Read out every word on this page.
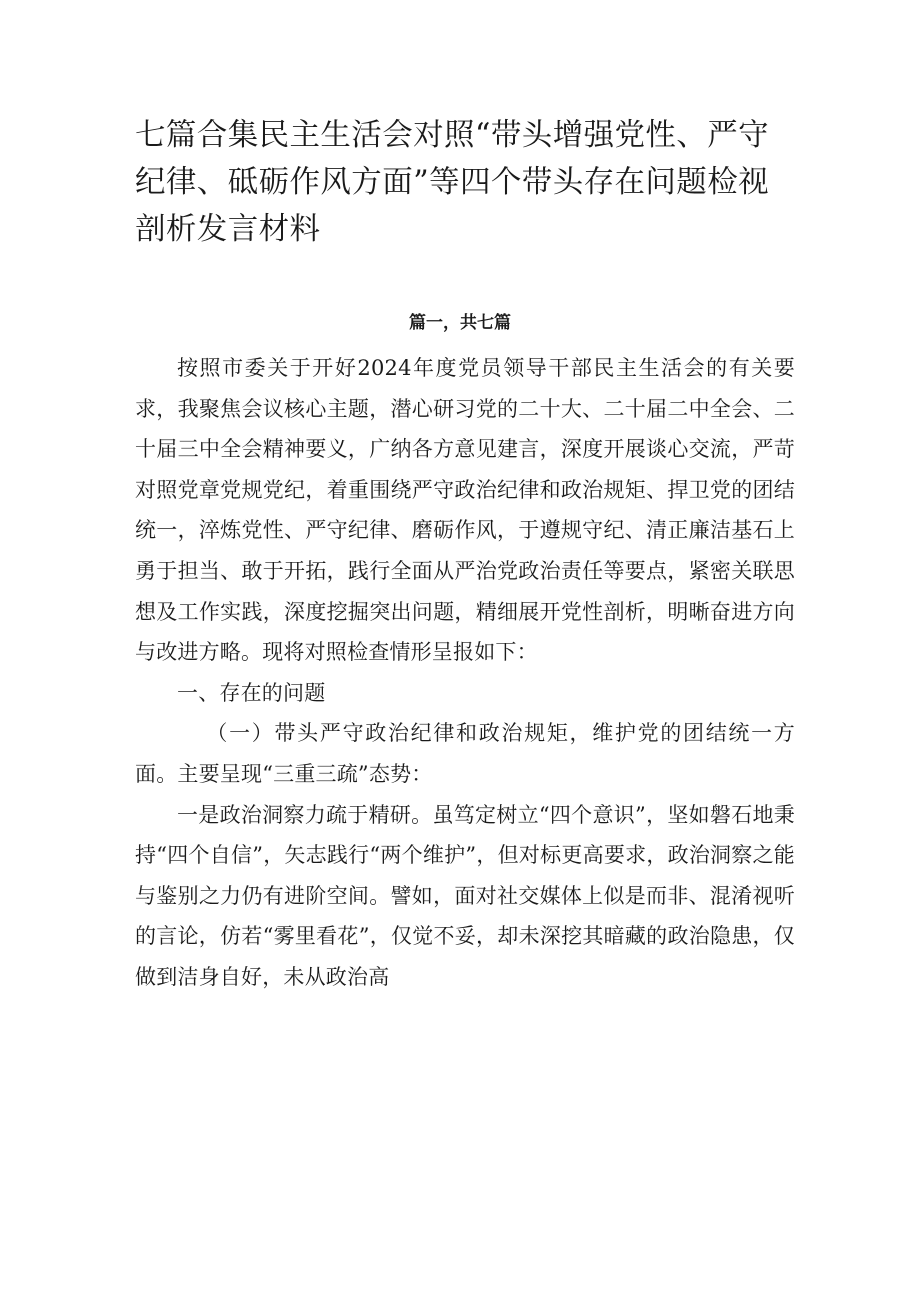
七篇合集民主生活会对照“带头增强党性、严守纪律、砥砺作风方面”等四个带头存在问题检视剖析发言材料

篇一，共七篇

按照市委关于开好2024年度党员领导干部民主生活会的有关要求，我聚焦会议核心主题，潜心研习党的二十大、二十届二中全会、二十届三中全会精神要义，广纳各方意见建言，深度开展谈心交流，严苛对照党章党规党纪，着重围绕严守政治纪律和政治规矩、捍卫党的团结统一，淬炼党性、严守纪律、磨砺作风，于遵规守纪、清正廉洁基石上勇于担当、敢于开拓，践行全面从严治党政治责任等要点，紧密关联思想及工作实践，深度挖掘突出问题，精细展开党性剖析，明晰奋进方向与改进方略。现将对照检查情形呈报如下：

一、存在的问题

（一）带头严守政治纪律和政治规矩，维护党的团结统一方面。主要呈现“三重三疏”态势：

一是政治洞察力疏于精研。虽笃定树立“四个意识”，坚如磐石地秉持“四个自信”，矢志践行“两个维护”，但对标更高要求，政治洞察之能与鉴别之力仍有进阶空间。譬如，面对社交媒体上似是而非、混淆视听的言论，仿若“雾里看花”，仅觉不妥，却未深挖其暗藏的政治隐患，仅做到洁身自好，未从政治高
